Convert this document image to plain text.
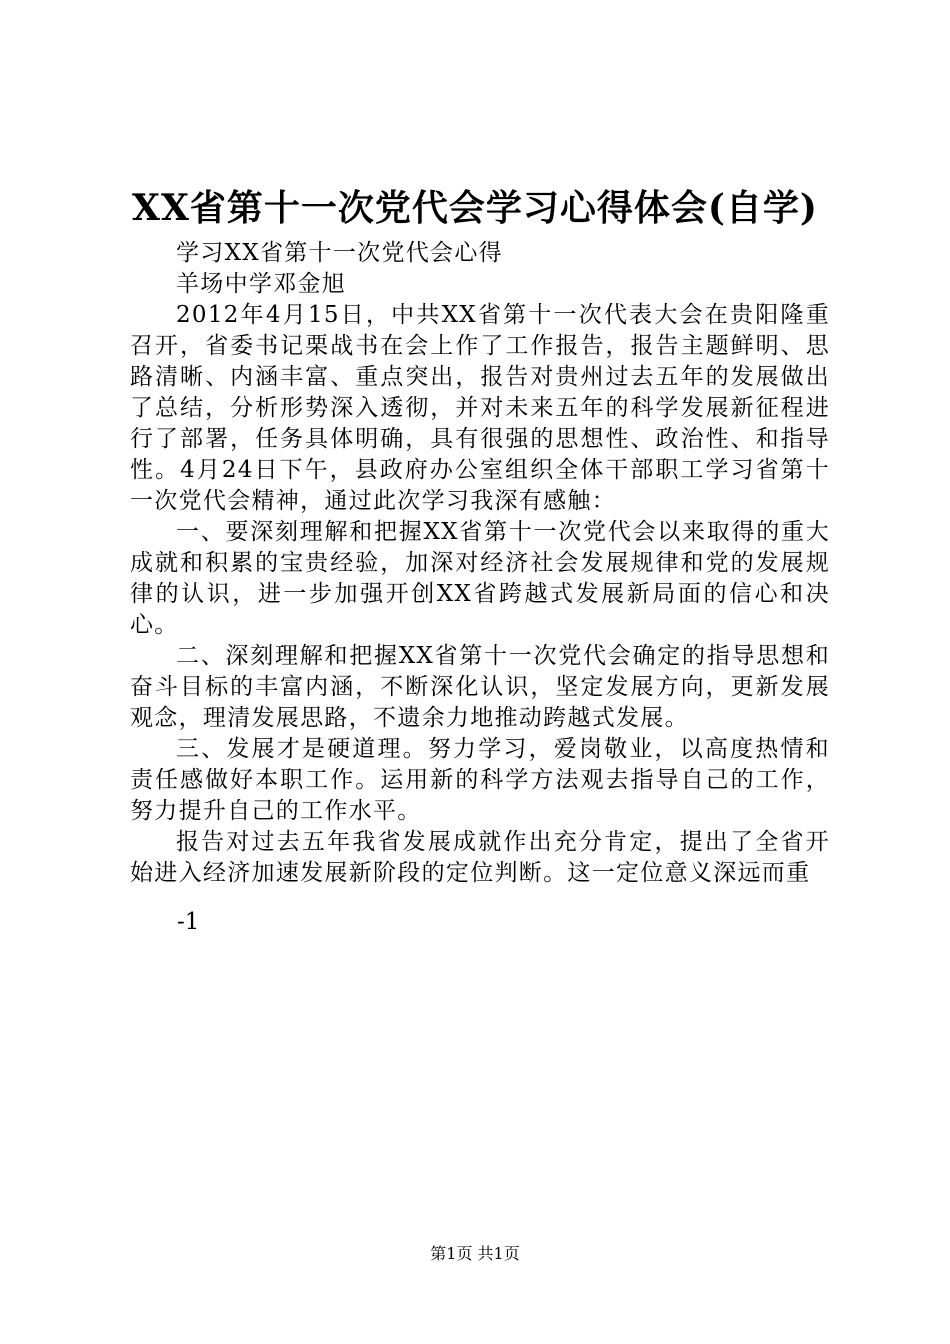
XX省第十一次党代会学习心得体会(自学)

学习XX省第十一次党代会心得

羊场中学邓金旭

2012年4月15日，中共XX省第十一次代表大会在贵阳隆重召开，省委书记栗战书在会上作了工作报告，报告主题鲜明、思路清晰、内涵丰富、重点突出，报告对贵州过去五年的发展做出了总结，分析形势深入透彻，并对未来五年的科学发展新征程进行了部署，任务具体明确，具有很强的思想性、政治性、和指导性。4月24日下午，县政府办公室组织全体干部职工学习省第十一次党代会精神，通过此次学习我深有感触：

一、要深刻理解和把握XX省第十一次党代会以来取得的重大成就和积累的宝贵经验，加深对经济社会发展规律和党的发展规律的认识，进一步加强开创XX省跨越式发展新局面的信心和决心。

二、深刻理解和把握XX省第十一次党代会确定的指导思想和奋斗目标的丰富内涵，不断深化认识，坚定发展方向，更新发展观念，理清发展思路，不遗余力地推动跨越式发展。

三、发展才是硬道理。努力学习，爱岗敬业，以高度热情和责任感做好本职工作。运用新的科学方法观去指导自己的工作，努力提升自己的工作水平。

报告对过去五年我省发展成就作出充分肯定，提出了全省开始进入经济加速发展新阶段的定位判断。这一定位意义深远而重

-1
第1页 共1页
